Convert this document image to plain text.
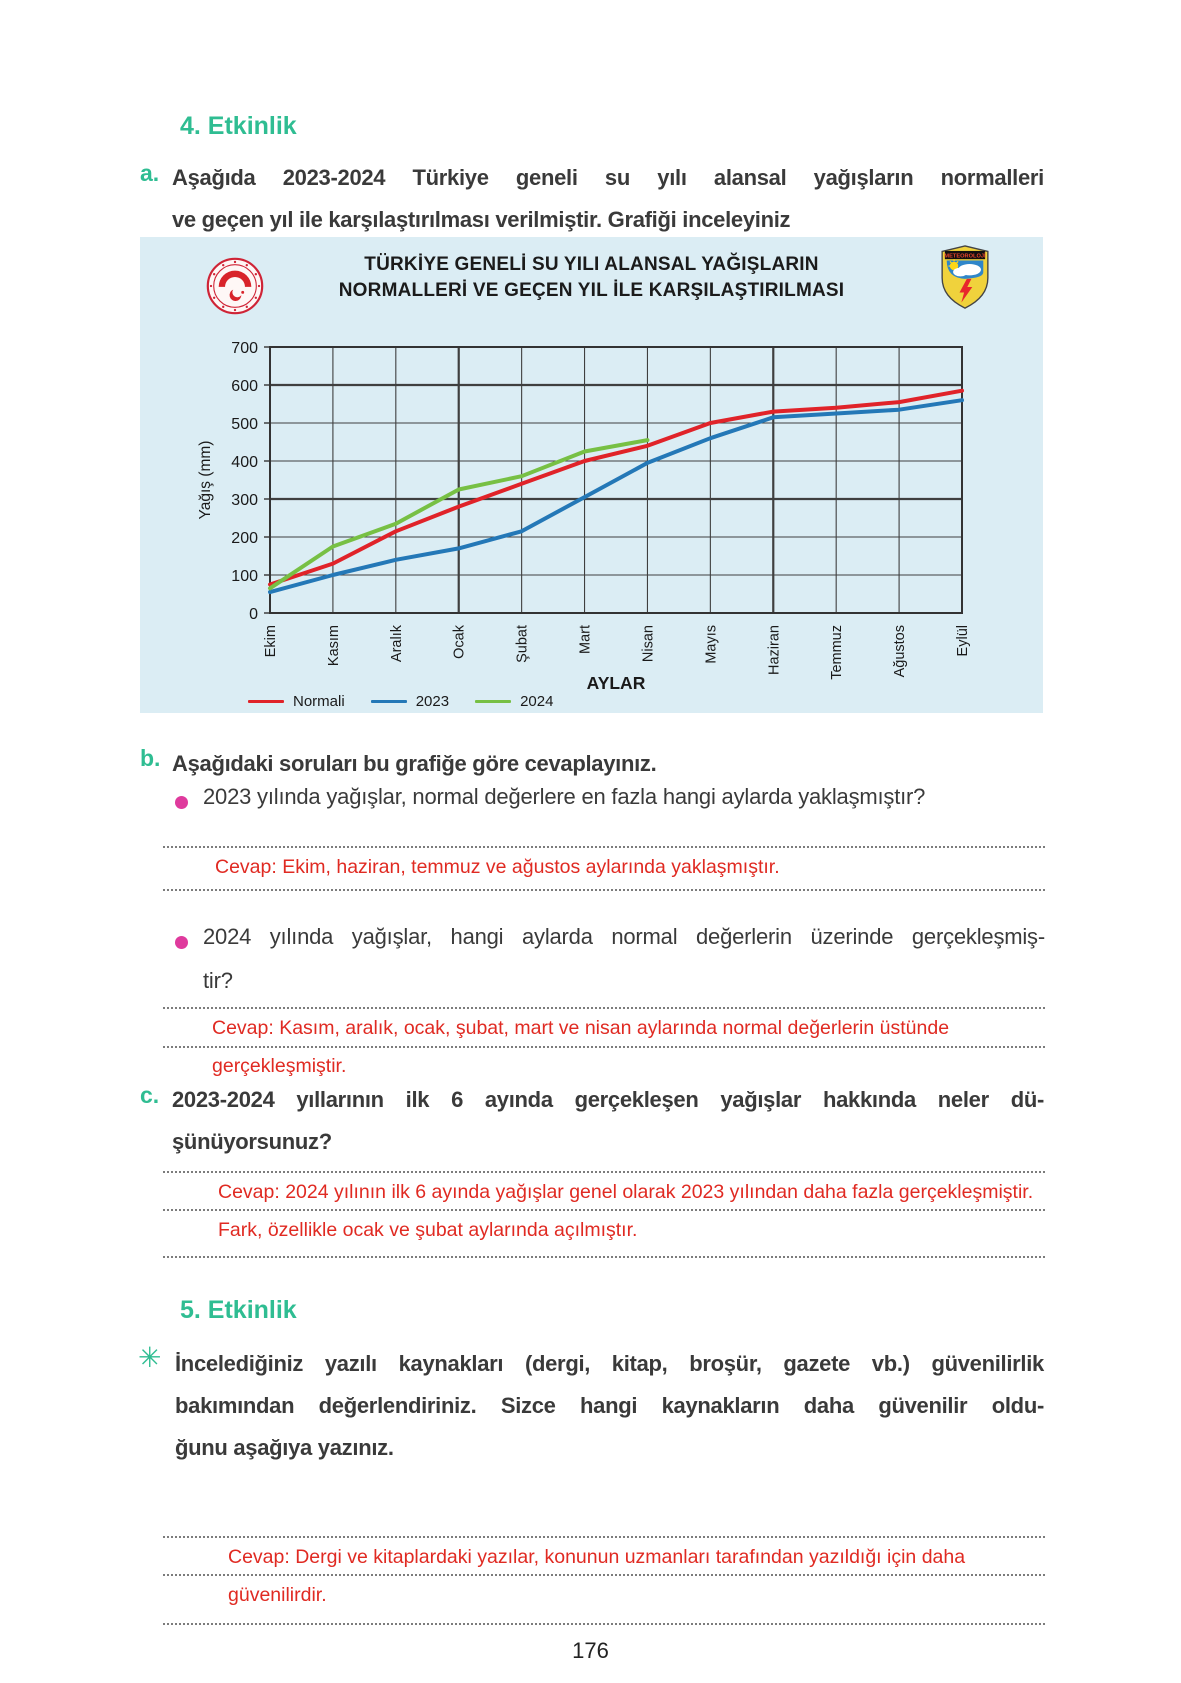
4. Etkinlik
a. Aşağıda 2023-2024 Türkiye geneli su yılı alansal yağışların normalleri
ve geçen yıl ile karşılaştırılması verilmiştir. Grafiği inceleyiniz
TÜRKİYE GENELİ SU YILI ALANSAL YAĞIŞLARIN
NORMALLERİ VE GEÇEN YIL İLE KARŞILAŞTIRILMASI
METEOROLOJİ
0
100
200
300
400
500
600
700
Ekim	Kasım	Aralık	Ocak	Şubat	Mart	Nisan	Mayıs	Haziran	Temmuz	Ağustos	Eylül
Yağış (mm)
AYLAR
Normali	2023	2024
b. Aşağıdaki soruları bu grafiğe göre cevaplayınız.
2023 yılında yağışlar, normal değerlere en fazla hangi aylarda yaklaşmıştır?
Cevap: Ekim, haziran, temmuz ve ağustos aylarında yaklaşmıştır.
2024 yılında yağışlar, hangi aylarda normal değerlerin üzerinde gerçekleşmiş-
tir?
Cevap: Kasım, aralık, ocak, şubat, mart ve nisan aylarında normal değerlerin üstünde
gerçekleşmiştir.
c. 2023-2024 yıllarının ilk 6 ayında gerçekleşen yağışlar hakkında neler dü-
şünüyorsunuz?
Cevap: 2024 yılının ilk 6 ayında yağışlar genel olarak 2023 yılından daha fazla gerçekleşmiştir.
Fark, özellikle ocak ve şubat aylarında açılmıştır.
5. Etkinlik
✳ İncelediğiniz yazılı kaynakları (dergi, kitap, broşür, gazete vb.) güvenilirlik
bakımından değerlendiriniz. Sizce hangi kaynakların daha güvenilir oldu-
ğunu aşağıya yazınız.
Cevap: Dergi ve kitaplardaki yazılar, konunun uzmanları tarafından yazıldığı için daha
güvenilirdir.
176
